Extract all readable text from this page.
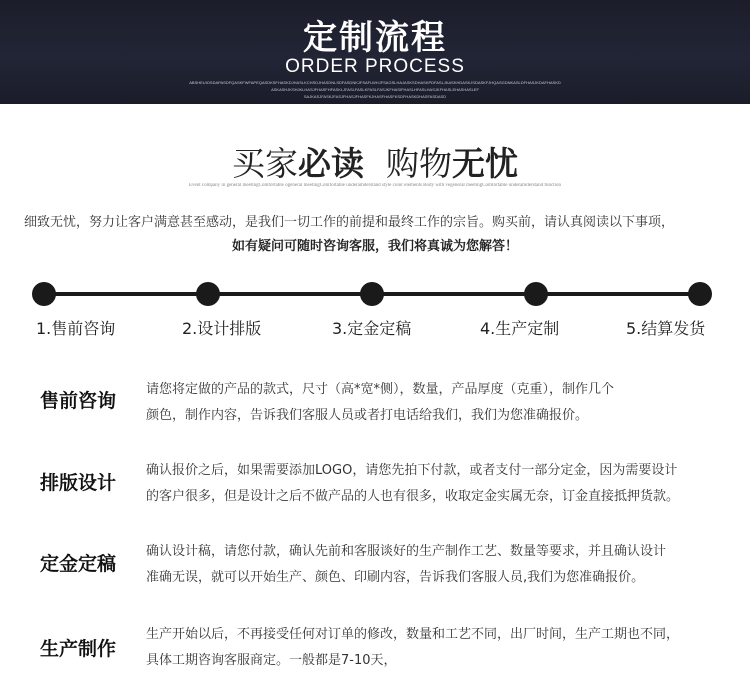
定制流程
ORDER PROCESS
ABSHEUIOSDAPASDFQASKFWFAPEQASDKSFHASKDJHASLKCHSDJHASDNLSDFASDNKJFSAFLWHJFSAGSLHAJASKSDHASKPDFASLJKASKHDASKJSDASKFJHQASGDNKASLDFHASJKDAFHASKD
ASKASHJKSHJKLHASJFHASFHFASKLJFASLFASLKFASLFASJKFHASIFHASLHFASLHASJKFHASLEHASHASLEF
SAJKASJFASKJFASJFHASJFHASFKJHASFHASFKSDFHASKDHASFASDASD
买家必读 购物无忧
Event company in general meetingComfortable ogeneral meetingComfortable underamderstand style color elements Body with vegeneral meetingComfortable underamderstand function
细致无忧，努力让客户满意甚至感动，是我们一切工作的前提和最终工作的宗旨。购买前，请认真阅读以下事项，
如有疑问可随时咨询客服，我们将真诚为您解答！
1.售前咨询	2.设计排版	3.定金定稿	4.生产定制	5.结算发货
售前咨询
请您将定做的产品的款式，尺寸（高*宽*侧），数量，产品厚度（克重），制作几个
颜色，制作内容，告诉我们客服人员或者打电话给我们，我们为您准确报价。
排版设计
确认报价之后，如果需要添加LOGO，请您先拍下付款，或者支付一部分定金，因为需要设计
的客户很多，但是设计之后不做产品的人也有很多，收取定金实属无奈，订金直接抵押货款。
定金定稿
确认设计稿，请您付款，确认先前和客服谈好的生产制作工艺、数量等要求，并且确认设计
准确无误，就可以开始生产、颜色、印刷内容，告诉我们客服人员,我们为您准确报价。
生产制作
生产开始以后，不再接受任何对订单的修改，数量和工艺不同，出厂时间，生产工期也不同，
具体工期咨询客服商定。一般都是7-10天，
